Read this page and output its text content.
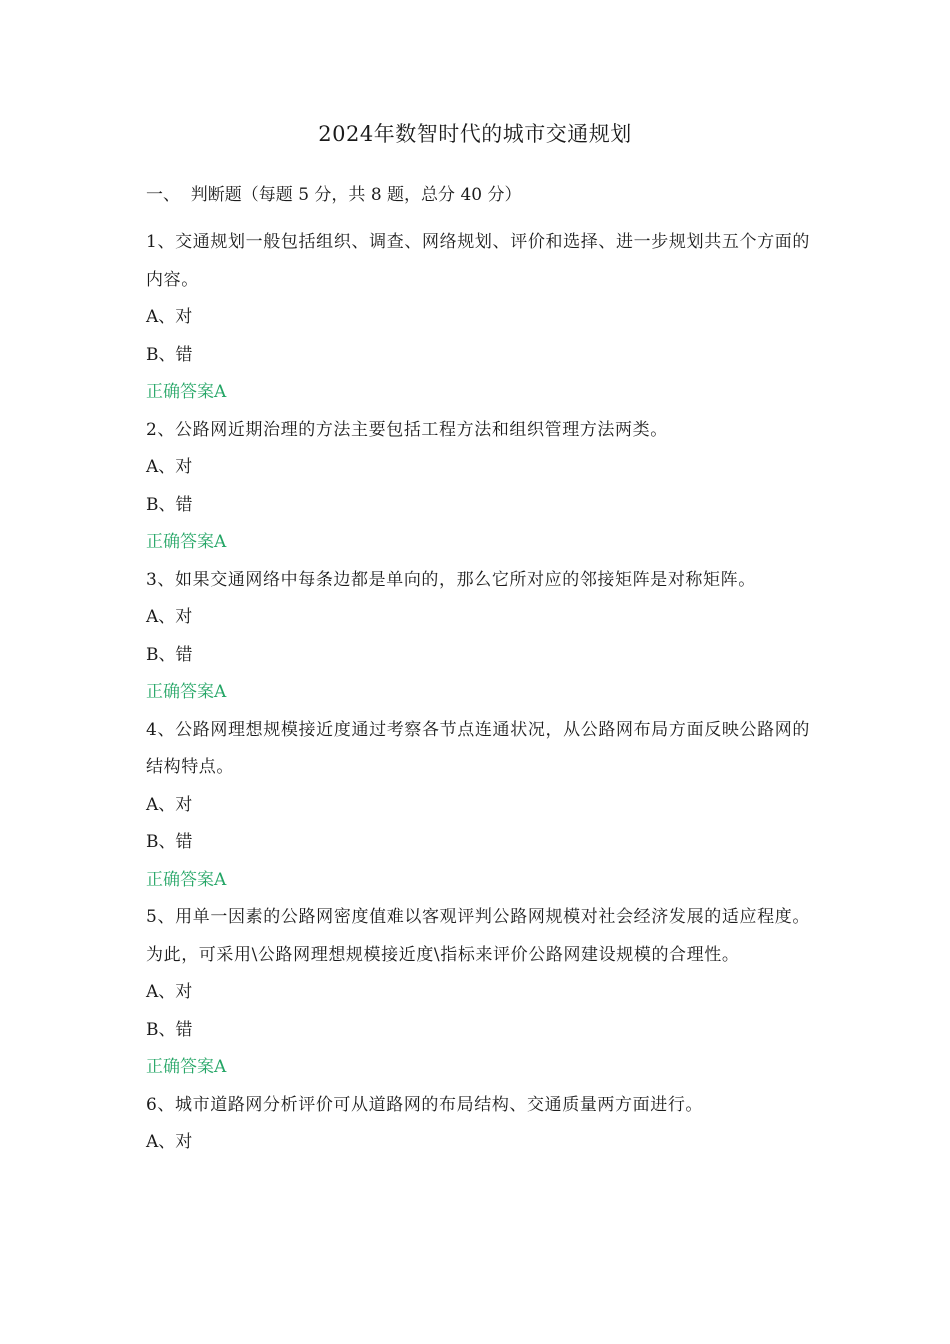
2024年数智时代的城市交通规划
一、  判断题（每题 5 分，共 8 题，总分 40 分）

1、交通规划一般包括组织、调查、网络规划、评价和选择、进一步规划共五个方面的内容。

A、对

B、错

正确答案A

2、公路网近期治理的方法主要包括工程方法和组织管理方法两类。

A、对

B、错

正确答案A

3、如果交通网络中每条边都是单向的，那么它所对应的邻接矩阵是对称矩阵。

A、对

B、错

正确答案A

4、公路网理想规模接近度通过考察各节点连通状况，从公路网布局方面反映公路网的结构特点。

A、对

B、错

正确答案A

5、用单一因素的公路网密度值难以客观评判公路网规模对社会经济发展的适应程度。为此，可采用\公路网理想规模接近度\指标来评价公路网建设规模的合理性。

A、对

B、错

正确答案A

6、城市道路网分析评价可从道路网的布局结构、交通质量两方面进行。

A、对
